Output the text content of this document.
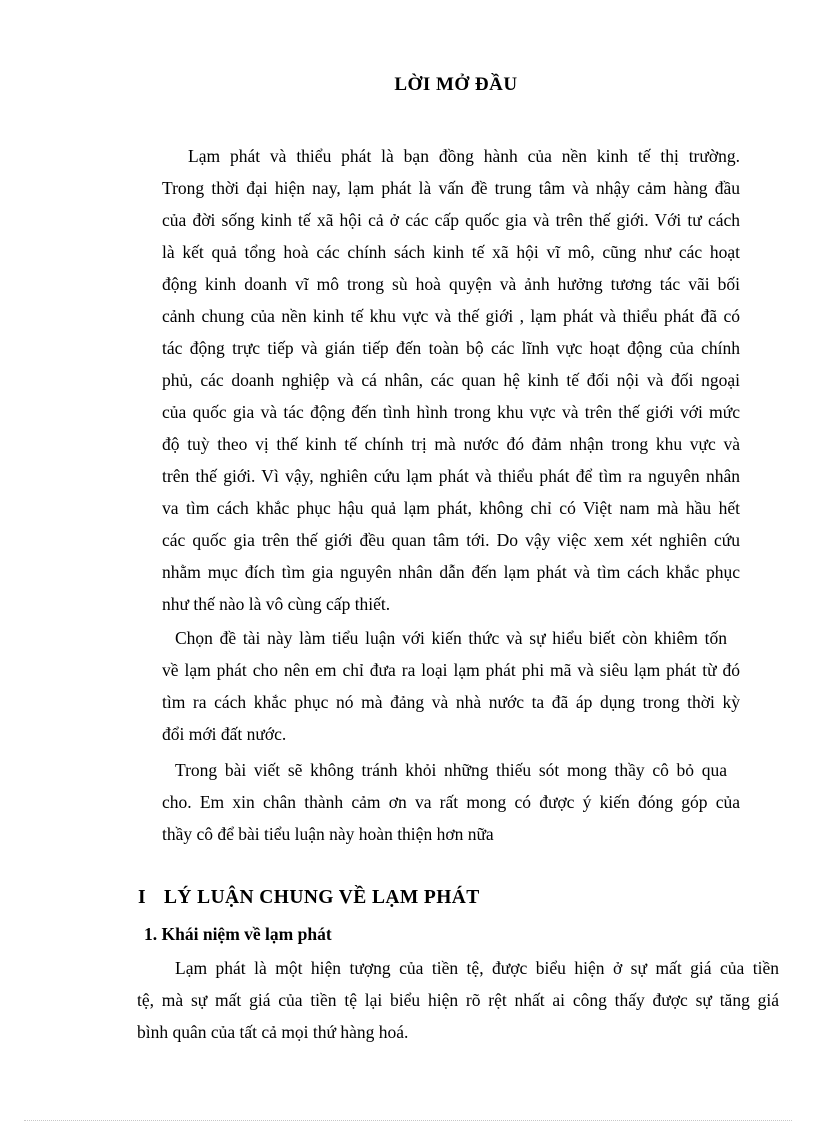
LỜI MỞ ĐẦU
Lạm phát và thiểu phát là bạn đồng hành của nền kinh tế thị trường.
Trong thời đại hiện nay, lạm phát là vấn đề trung tâm và nhậy cảm hàng đầu
của đời sống kinh tế xã hội cả ở các cấp quốc gia và trên thế giới. Với tư cách
là kết quả tổng hoà các chính sách kinh tế xã hội vĩ mô, cũng như các hoạt
động kinh doanh vĩ mô trong sù hoà quyện và ảnh hưởng tương tác vãi bối
cảnh chung của nền kinh tế khu vực và thế giới , lạm phát và thiểu phát đã có
tác động trực tiếp và gián tiếp đến toàn bộ các lĩnh vực hoạt động của chính
phủ, các doanh nghiệp và cá nhân, các quan hệ kinh tế đối nội và đối ngoại
của quốc gia và tác động đến tình hình trong khu vực và trên thế giới với mức
độ tuỳ theo vị thế kinh tế chính trị mà nước đó đảm nhận trong khu vực và
trên thế giới. Vì vậy, nghiên cứu lạm phát và thiểu phát để tìm ra nguyên nhân
va tìm cách khắc phục hậu quả lạm phát, không chỉ có Việt nam mà hầu hết
các quốc gia trên thế giới đều quan tâm tới. Do vậy việc xem xét nghiên cứu
nhằm mục đích tìm gia nguyên nhân dẫn đến lạm phát và tìm cách khắc phục
như thế nào là vô cùng cấp thiết.
Chọn đề tài này làm tiểu luận với kiến thức và sự hiểu biết còn khiêm tốn
về lạm phát cho nên em chỉ đưa ra loại lạm phát phi mã và siêu lạm phát từ đó
tìm ra cách khắc phục nó mà đảng và nhà nước ta đã áp dụng trong thời kỳ
đổi mới đất nước.
Trong bài viết sẽ không tránh khỏi những thiếu sót mong thầy cô bỏ qua
cho. Em xin chân thành cảm ơn va rất mong có được ý kiến đóng góp của
thầy cô để bài tiểu luận này hoàn thiện hơn nữa
I LÝ LUẬN CHUNG VỀ LẠM PHÁT
1. Khái niệm về lạm phát
Lạm phát là một hiện tượng của tiền tệ, được biểu hiện ở sự mất giá của tiền
tệ, mà sự mất giá của tiền tệ lại biểu hiện rõ rệt nhất ai công thấy được sự tăng giá
bình quân của tất cả mọi thứ hàng hoá.
